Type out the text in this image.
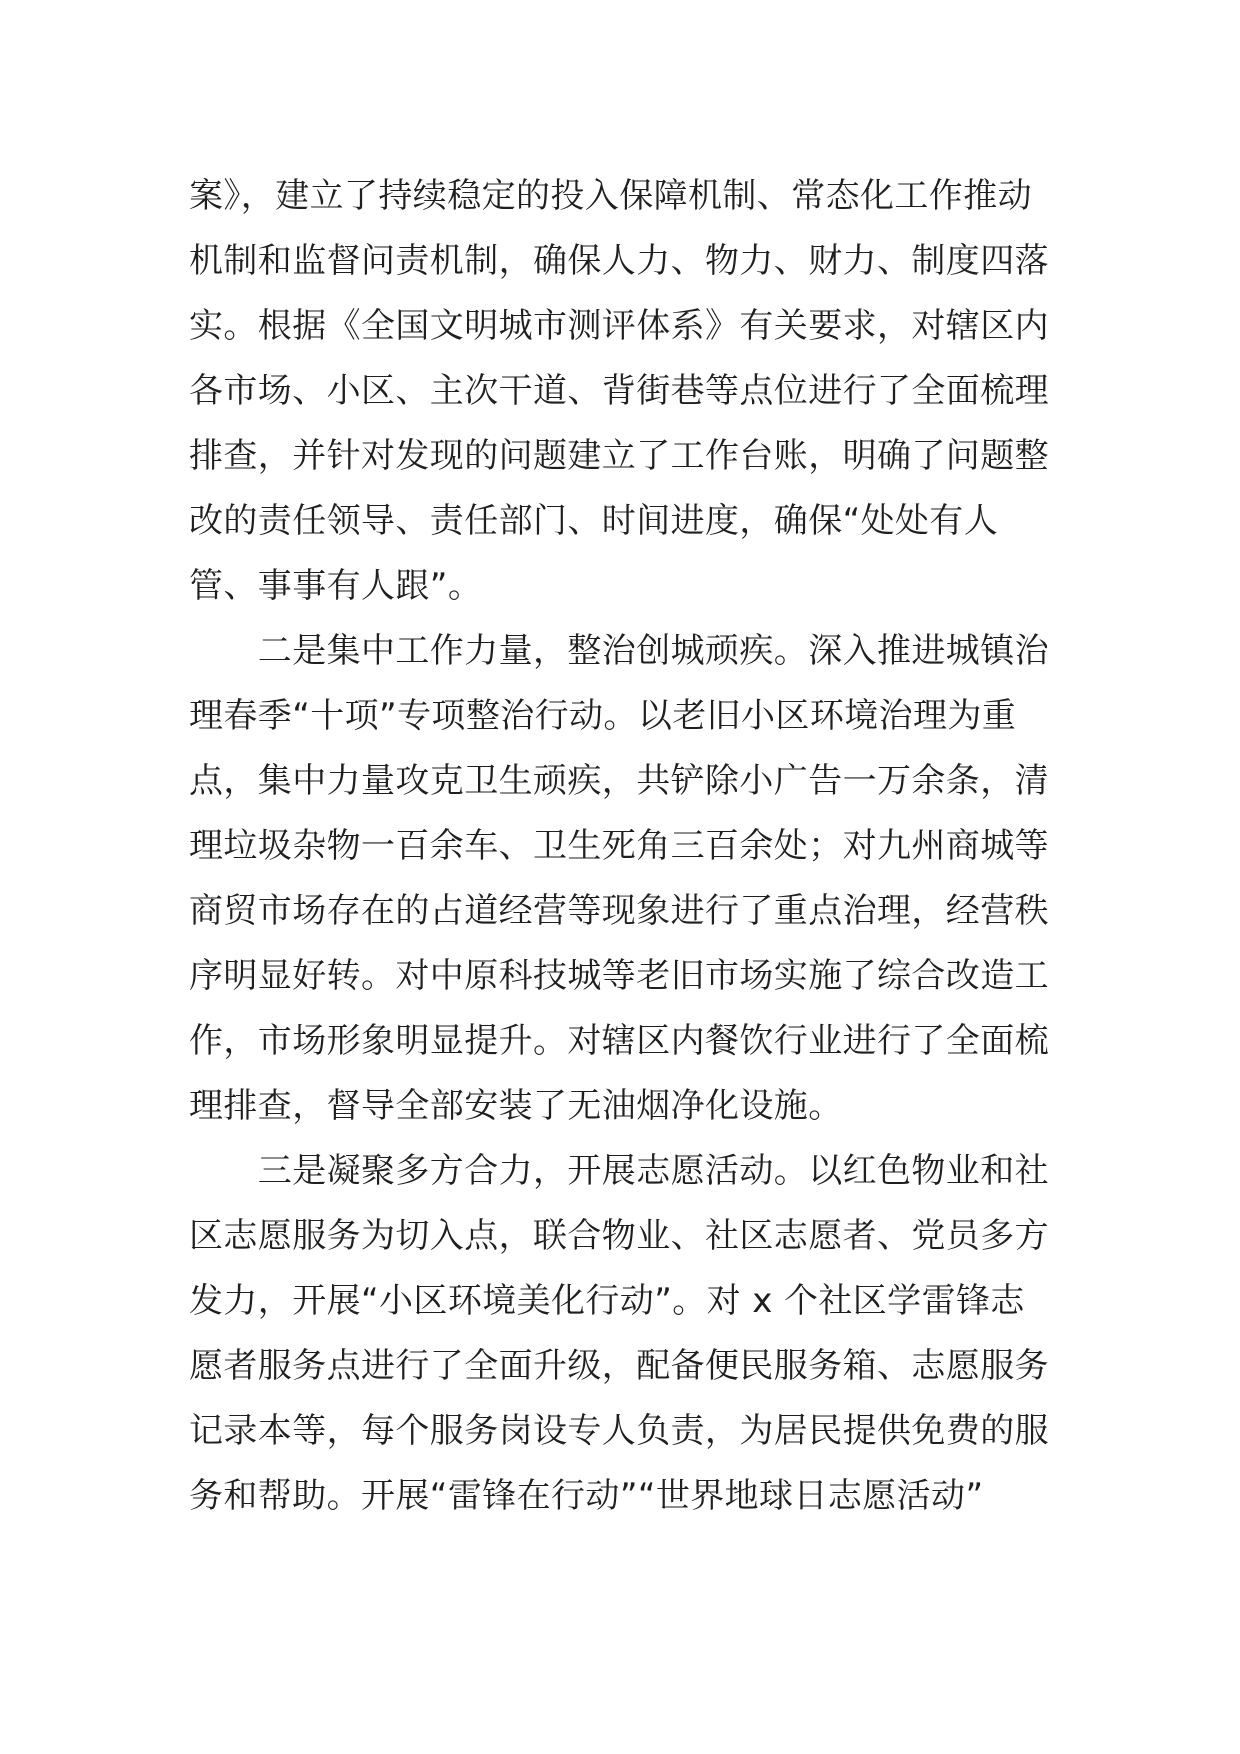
案》，建立了持续稳定的投入保障机制、常态化工作推动
机制和监督问责机制，确保人力、物力、财力、制度四落
实。根据《全国文明城市测评体系》有关要求，对辖区内
各市场、小区、主次干道、背街巷等点位进行了全面梳理
排查，并针对发现的问题建立了工作台账，明确了问题整
改的责任领导、责任部门、时间进度，确保“处处有人
管、事事有人跟”。

　　二是集中工作力量，整治创城顽疾。深入推进城镇治
理春季“十项”专项整治行动。以老旧小区环境治理为重
点，集中力量攻克卫生顽疾，共铲除小广告一万余条，清
理垃圾杂物一百余车、卫生死角三百余处；对九州商城等
商贸市场存在的占道经营等现象进行了重点治理，经营秩
序明显好转。对中原科技城等老旧市场实施了综合改造工
作，市场形象明显提升。对辖区内餐饮行业进行了全面梳
理排查，督导全部安装了无油烟净化设施。

　　三是凝聚多方合力，开展志愿活动。以红色物业和社
区志愿服务为切入点，联合物业、社区志愿者、党员多方
发力，开展“小区环境美化行动”。对 x 个社区学雷锋志
愿者服务点进行了全面升级，配备便民服务箱、志愿服务
记录本等，每个服务岗设专人负责，为居民提供免费的服
务和帮助。开展“雷锋在行动”“世界地球日志愿活动”
